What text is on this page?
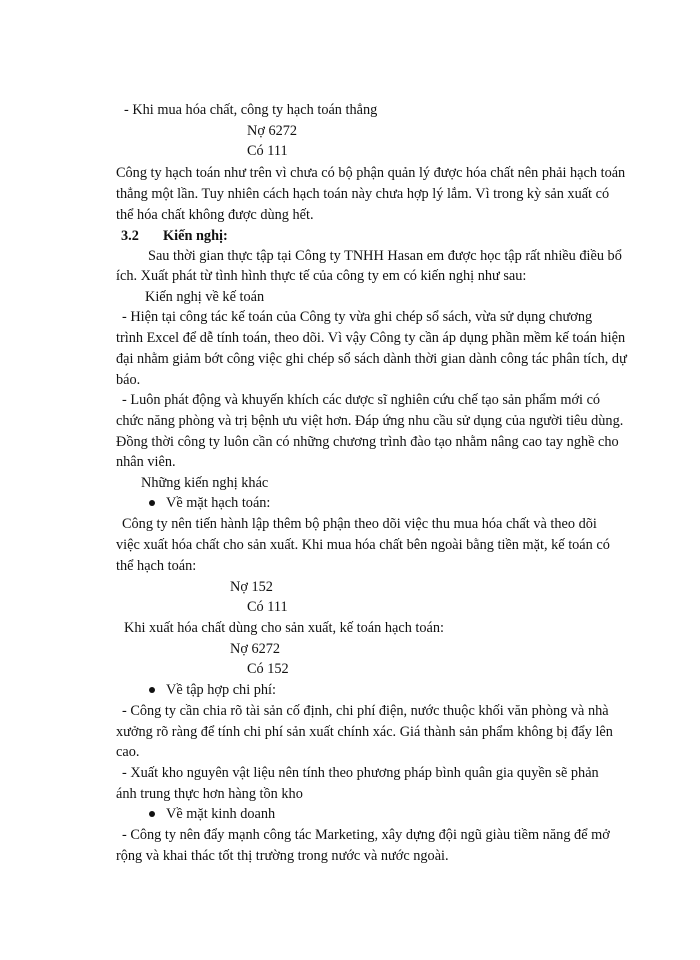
- Khi mua hóa chất, công ty hạch toán thẳng
Nợ 6272
Có 111
Công ty hạch toán như trên vì chưa có bộ phận quản lý được hóa chất nên phải hạch toán
thẳng một lần. Tuy nhiên cách hạch toán này chưa hợp lý lắm. Vì trong kỳ sản xuất có
thể hóa chất không được dùng hết.
3.2 Kiến nghị:
Sau thời gian thực tập tại Công ty TNHH Hasan em được học tập rất nhiều điều bổ
ích. Xuất phát từ tình hình thực tế của công ty em có kiến nghị như sau:
Kiến nghị về kế toán
- Hiện tại công tác kế toán của Công ty vừa ghi chép sổ sách, vừa sử dụng chương
trình Excel để dễ tính toán, theo dõi. Vì vậy Công ty cần áp dụng phần mềm kế toán hiện
đại nhằm giảm bớt công việc ghi chép sổ sách dành thời gian dành công tác phân tích, dự
báo.
- Luôn phát động và khuyến khích các dược sĩ nghiên cứu chế tạo sản phẩm mới có
chức năng phòng và trị bệnh ưu việt hơn. Đáp ứng nhu cầu sử dụng của người tiêu dùng.
Đồng thời công ty luôn cần có những chương trình đào tạo nhằm nâng cao tay nghề cho
nhân viên.
Những kiến nghị khác
Về mặt hạch toán:
Công ty nên tiến hành lập thêm bộ phận theo dõi việc thu mua hóa chất và theo dõi
việc xuất hóa chất cho sản xuất. Khi mua hóa chất bên ngoài bằng tiền mặt, kế toán có
thể hạch toán:
Nợ 152
Có 111
Khi xuất hóa chất dùng cho sản xuất, kế toán hạch toán:
Nợ 6272
Có 152
Về tập hợp chi phí:
- Công ty cần chia rõ tài sản cố định, chi phí điện, nước thuộc khối văn phòng và nhà
xưởng rõ ràng để tính chi phí sản xuất chính xác. Giá thành sản phẩm không bị đẩy lên
cao.
- Xuất kho nguyên vật liệu nên tính theo phương pháp bình quân gia quyền sẽ phản
ánh trung thực hơn hàng tồn kho
Về mặt kinh doanh
- Công ty nên đẩy mạnh công tác Marketing, xây dựng đội ngũ giàu tiềm năng để mở
rộng và khai thác tốt thị trường trong nước và nước ngoài.
